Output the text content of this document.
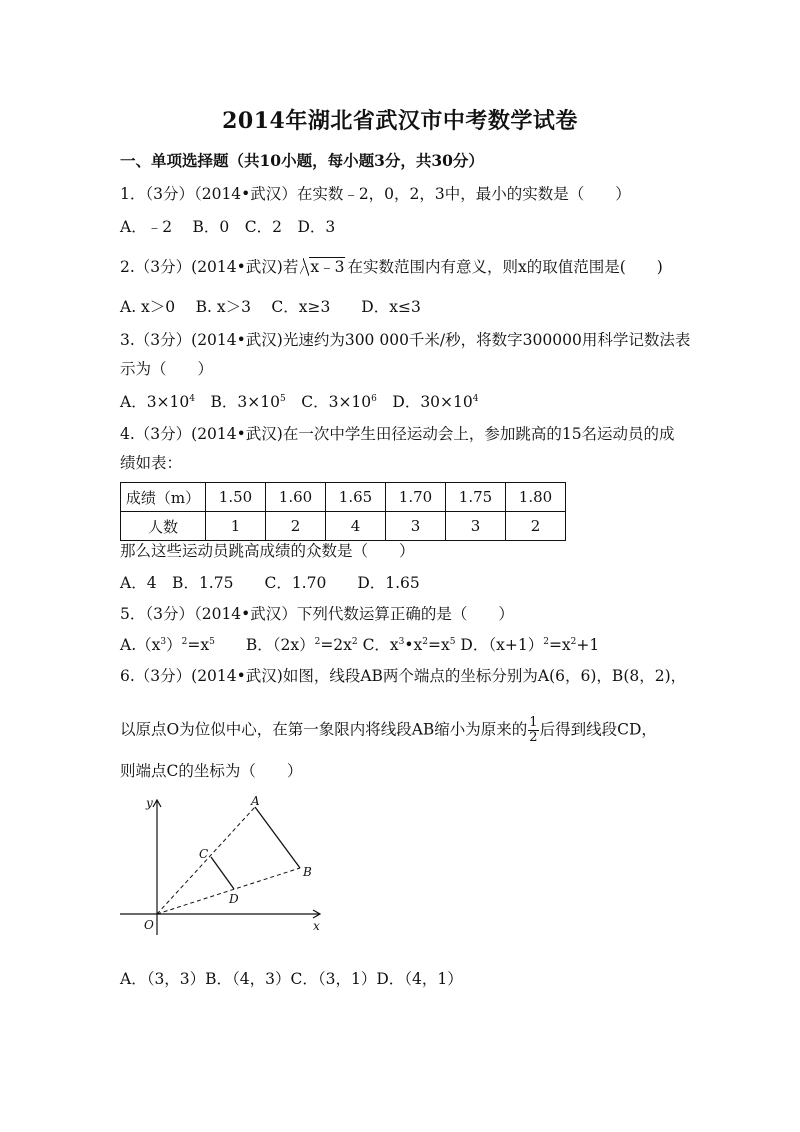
2014年湖北省武汉市中考数学试卷
一、单项选择题（共10小题，每小题3分，共30分）
1．（3分）（2014•武汉）在实数﹣2，0，2，3中，最小的实数是（　　）
A．﹣2　 B．0　C．2　D．3
2.（3分）(2014•武汉)若 x﹣3 在实数范围内有意义，则x的取值范围是(　　)
A. x＞0　 B. x＞3　 C．x≥3　　D．x≤3
3.（3分）(2014•武汉)光速约为300 000千米/秒，将数字300000用科学记数法表
示为（　　）
A．$3\times 10^4$　B．$3\times 10^5$　C．$3\times 10^6$　D．$30\times 10^4$
4.（3分）(2014•武汉)在一次中学生田径运动会上，参加跳高的15名运动员的成
绩如表：
成绩（m）	1.50	1.60	1.65	1.70	1.75	1.80
人数	1	2	4	3	3	2
那么这些运动员跳高成绩的众数是（　　）
A．4　B．1.75　　C．1.70　　D．1.65
5．（3分）（2014•武汉）下列代数运算正确的是（　　）
$A.(x^3)^2=x^5$　　B．$(2x)^2=2x^2$ C．$x^3•x^2=x^5$ D．$(x+1)^2=x^2+1$
6.（3分）(2014•武汉)如图，线段AB两个端点的坐标分别为A(6，6)，B(8，2)，
以原点O为位似中心，在第一象限内将线段AB缩小为原来的 $\frac{1}{2}$ 后得到线段CD，
则端点C的坐标为（　　）
y
x
O
A
B
C
D
A．（3，3）B．（4，3）C．（3，1）D．（4，1）
